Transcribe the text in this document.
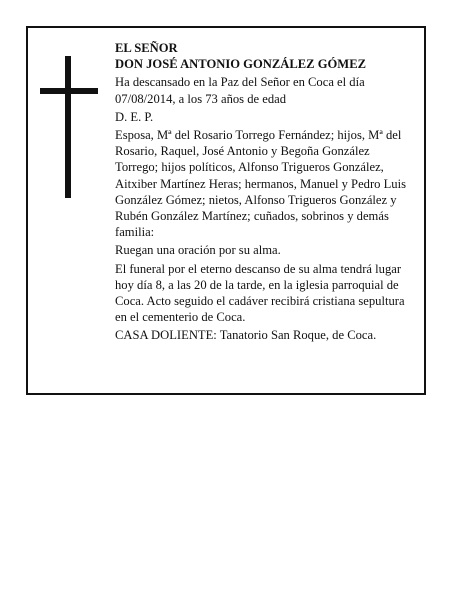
EL SEÑOR

DON JOSÉ ANTONIO GONZÁLEZ GÓMEZ

Ha descansado en la Paz del Señor en Coca el día 07/08/2014, a los 73 años de edad

D. E. P.

Esposa, Mª del Rosario Torrego Fernández; hijos, Mª del Rosario, Raquel, José Antonio y Begoña González Torrego; hijos políticos, Alfonso Trigueros González, Aitxiber Martínez Heras; hermanos, Manuel y Pedro Luis González Gómez; nietos, Alfonso Trigueros González y Rubén González Martínez; cuñados, sobrinos y demás familia:

Ruegan una oración por su alma.

El funeral por el eterno descanso de su alma tendrá lugar hoy día 8, a las 20 de la tarde, en la iglesia parroquial de Coca. Acto seguido el cadáver recibirá cristiana sepultura en el cementerio de Coca.

CASA DOLIENTE: Tanatorio San Roque, de Coca.
